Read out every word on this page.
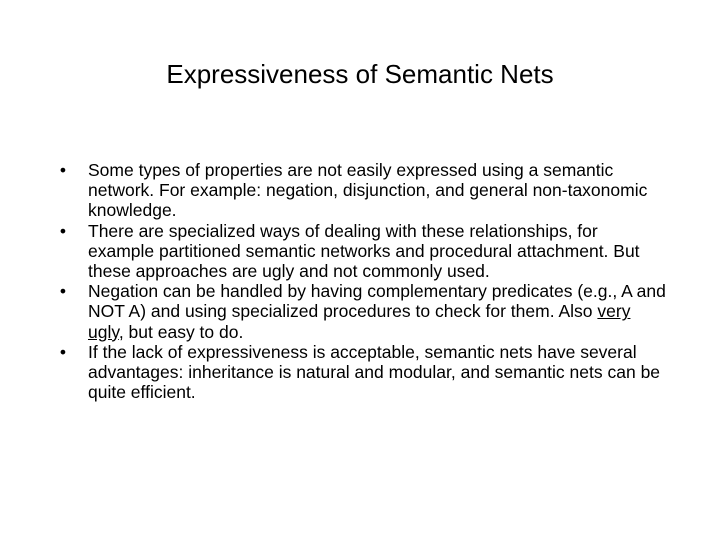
Expressiveness of Semantic Nets
• Some types of properties are not easily expressed using a semantic network. For example: negation, disjunction, and general non-taxonomic knowledge.
• There are specialized ways of dealing with these relationships, for example partitioned semantic networks and procedural attachment. But these approaches are ugly and not commonly used.
• Negation can be handled by having complementary predicates (e.g., A and NOT A) and using specialized procedures to check for them. Also very ugly, but easy to do.
• If the lack of expressiveness is acceptable, semantic nets have several advantages: inheritance is natural and modular, and semantic nets can be quite efficient.
